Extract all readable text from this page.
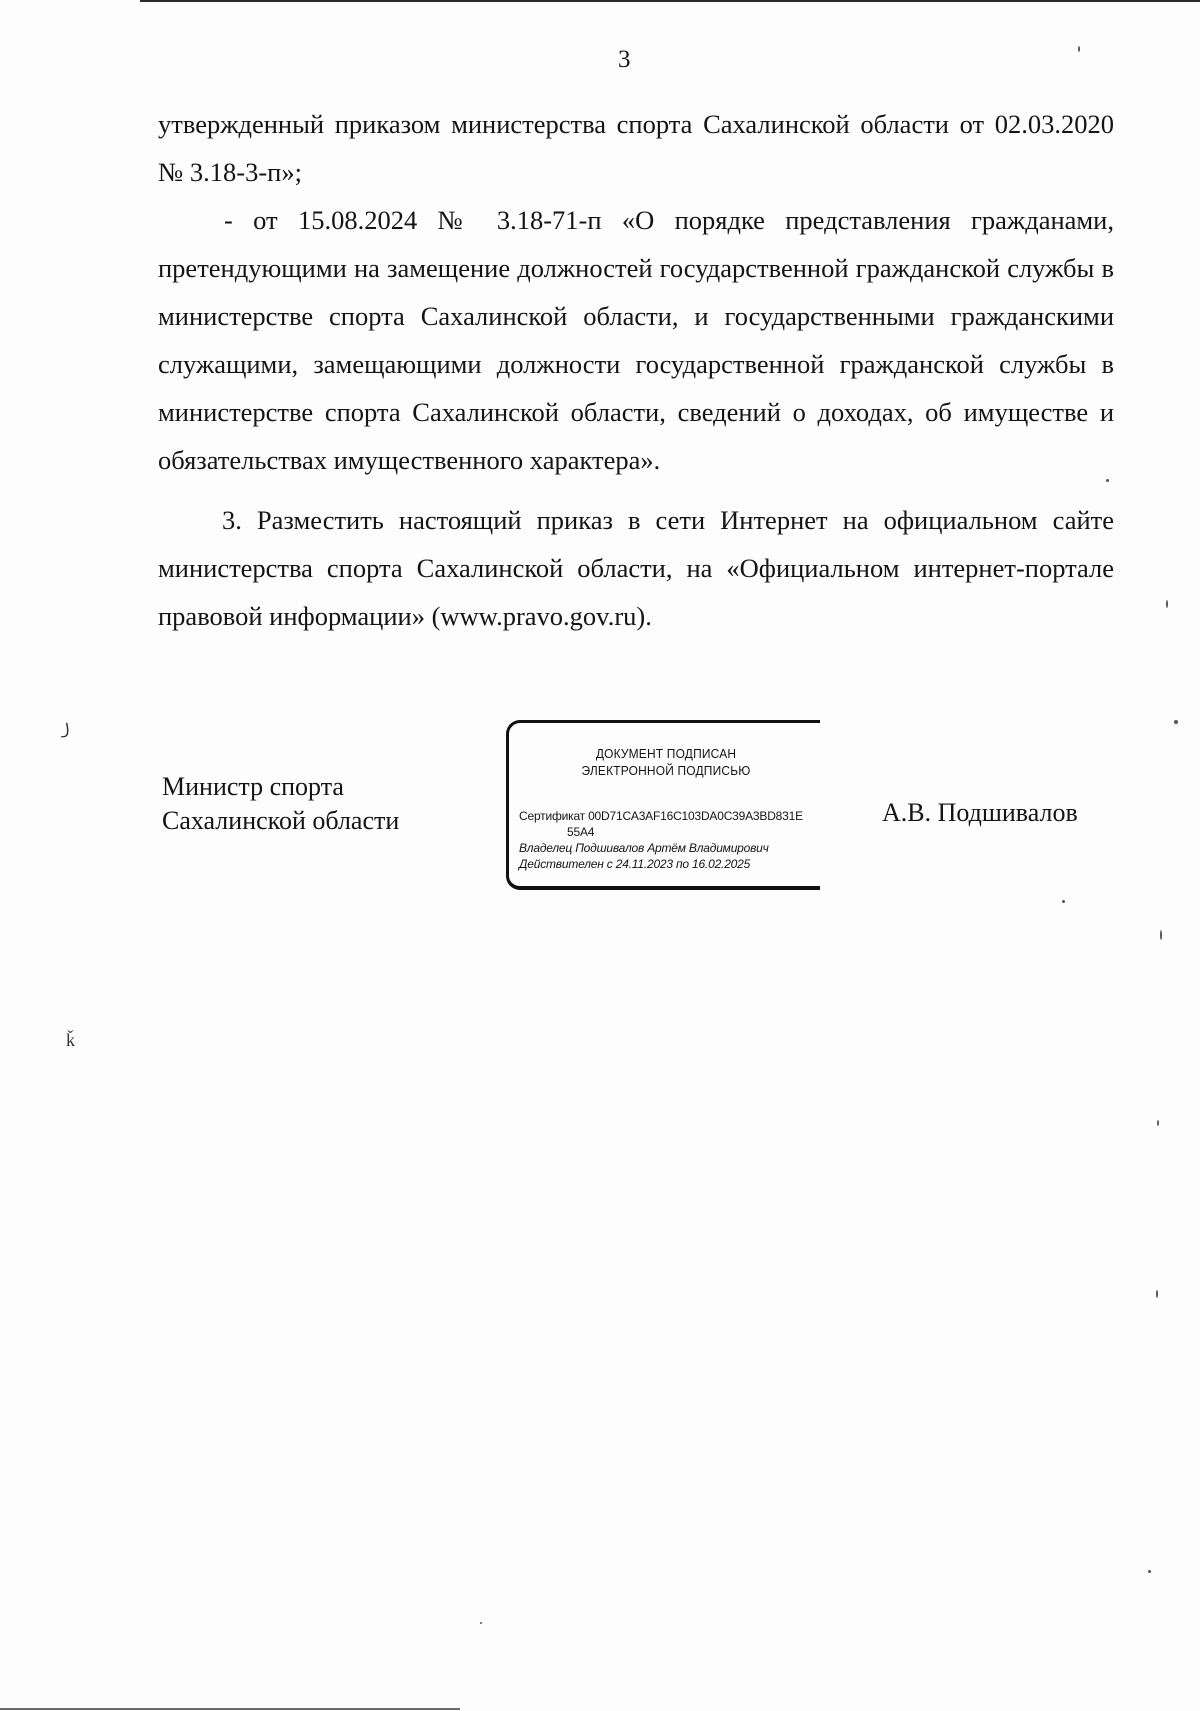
3
утвержденный приказом министерства спорта Сахалинской области от 02.03.2020 № 3.18-3-п»;
- от 15.08.2024 № 3.18-71-п «О порядке представления гражданами, претендующими на замещение должностей государственной гражданской службы в министерстве спорта Сахалинской области, и государственными гражданскими служащими, замещающими должности государственной гражданской службы в министерстве спорта Сахалинской области, сведений о доходах, об имуществе и обязательствах имущественного характера».
3. Разместить настоящий приказ в сети Интернет на официальном сайте министерства спорта Сахалинской области, на «Официальном интернет-портале правовой информации» (www.pravo.gov.ru).
Министр спорта
Сахалинской области
ДОКУМЕНТ ПОДПИСАН
ЭЛЕКТРОННОЙ ПОДПИСЬЮ
Сертификат 00D71CA3AF16C103DA0C39A3BD831E
55A4
Владелец Подшивалов Артём Владимирович
Действителен с 24.11.2023 по 16.02.2025
А.В. Подшивалов
꠸
ǩ
